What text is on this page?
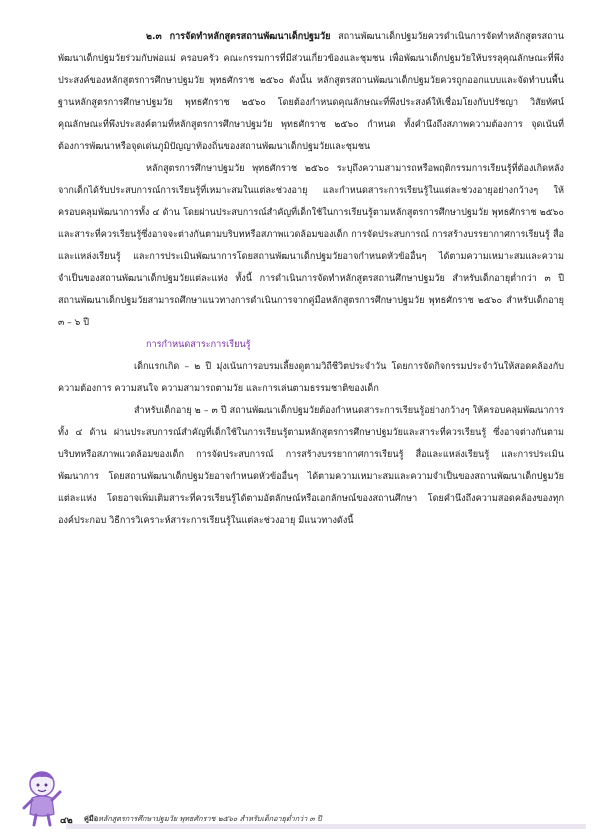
๒.๓ การจัดทำหลักสูตรสถานพัฒนาเด็กปฐมวัย สถานพัฒนาเด็กปฐมวัยควรดำเนินการจัดทำหลักสูตรสถานพัฒนาเด็กปฐมวัยร่วมกับพ่อแม่ ครอบครัว คณะกรรมการที่มีส่วนเกี่ยวข้องและชุมชน เพื่อพัฒนาเด็กปฐมวัยให้บรรลุคุณลักษณะที่พึงประสงค์ของหลักสูตรการศึกษาปฐมวัย พุทธศักราช ๒๕๖๐ ดังนั้น หลักสูตรสถานพัฒนาเด็กปฐมวัยควรถูกออกแบบและจัดทำบนพื้นฐานหลักสูตรการศึกษาปฐมวัย พุทธศักราช ๒๕๖๐ โดยต้องกำหนดคุณลักษณะที่พึงประสงค์ให้เชื่อมโยงกับปรัชญา วิสัยทัศน์ คุณลักษณะที่พึงประสงค์ตามที่หลักสูตรการศึกษาปฐมวัย พุทธศักราช ๒๕๖๐ กำหนด ทั้งคำนึงถึงสภาพความต้องการ จุดเน้นที่ต้องการพัฒนาหรือจุดเด่นภูมิปัญญาท้องถิ่นของสถานพัฒนาเด็กปฐมวัยและชุมชน

หลักสูตรการศึกษาปฐมวัย พุทธศักราช ๒๕๖๐ ระบุถึงความสามารถหรือพฤติกรรมการเรียนรู้ที่ต้องเกิดหลังจากเด็กได้รับประสบการณ์การเรียนรู้ที่เหมาะสมในแต่ละช่วงอายุ และกำหนดสาระการเรียนรู้ในแต่ละช่วงอายุอย่างกว้างๆ ให้ครอบคลุมพัฒนาการทั้ง ๔ ด้าน โดยผ่านประสบการณ์สำคัญที่เด็กใช้ในการเรียนรู้ตามหลักสูตรการศึกษาปฐมวัย พุทธศักราช ๒๕๖๐ และสาระที่ควรเรียนรู้ซึ่งอาจจะต่างกันตามบริบทหรือสภาพแวดล้อมของเด็ก การจัดประสบการณ์ การสร้างบรรยากาศการเรียนรู้ สื่อและแหล่งเรียนรู้ และการประเมินพัฒนาการโดยสถานพัฒนาเด็กปฐมวัยอาจกำหนดหัวข้ออื่นๆ ได้ตามความเหมาะสมและความจำเป็นของสถานพัฒนาเด็กปฐมวัยแต่ละแห่ง ทั้งนี้ การดำเนินการจัดทำหลักสูตรสถานศึกษาปฐมวัย สำหรับเด็กอายุต่ำกว่า ๓ ปี สถานพัฒนาเด็กปฐมวัยสามารถศึกษาแนวทางการดำเนินการจากคู่มือหลักสูตรการศึกษาปฐมวัย พุทธศักราช ๒๕๖๐ สำหรับเด็กอายุ ๓ – ๖ ปี

การกำหนดสาระการเรียนรู้

เด็กแรกเกิด – ๒ ปี มุ่งเน้นการอบรมเลี้ยงดูตามวิถีชีวิตประจำวัน โดยการจัดกิจกรรมประจำวันให้สอดคล้องกับความต้องการ ความสนใจ ความสามารถตามวัย และการเล่นตามธรรมชาติของเด็ก

สำหรับเด็กอายุ ๒ – ๓ ปี สถานพัฒนาเด็กปฐมวัยต้องกำหนดสาระการเรียนรู้อย่างกว้างๆ ให้ครอบคลุมพัฒนาการทั้ง ๔ ด้าน ผ่านประสบการณ์สำคัญที่เด็กใช้ในการเรียนรู้ตามหลักสูตรการศึกษาปฐมวัยและสาระที่ควรเรียนรู้ ซึ่งอาจต่างกันตามบริบทหรือสภาพแวดล้อมของเด็ก การจัดประสบการณ์ การสร้างบรรยากาศการเรียนรู้ สื่อและแหล่งเรียนรู้ และการประเมินพัฒนาการ โดยสถานพัฒนาเด็กปฐมวัยอาจกำหนดหัวข้ออื่นๆ ได้ตามความเหมาะสมและความจำเป็นของสถานพัฒนาเด็กปฐมวัยแต่ละแห่ง โดยอาจเพิ่มเติมสาระที่ควรเรียนรู้ได้ตามอัตลักษณ์หรือเอกลักษณ์ของสถานศึกษา โดยคำนึงถึงความสอดคล้องของทุกองค์ประกอบ วิธีการวิเคราะห์สาระการเรียนรู้ในแต่ละช่วงอายุ มีแนวทางดังนี้

๔๒ คู่มือหลักสูตรการศึกษาปฐมวัย พุทธศักราช ๒๕๖๐ สำหรับเด็กอายุต่ำกว่า ๓ ปี
